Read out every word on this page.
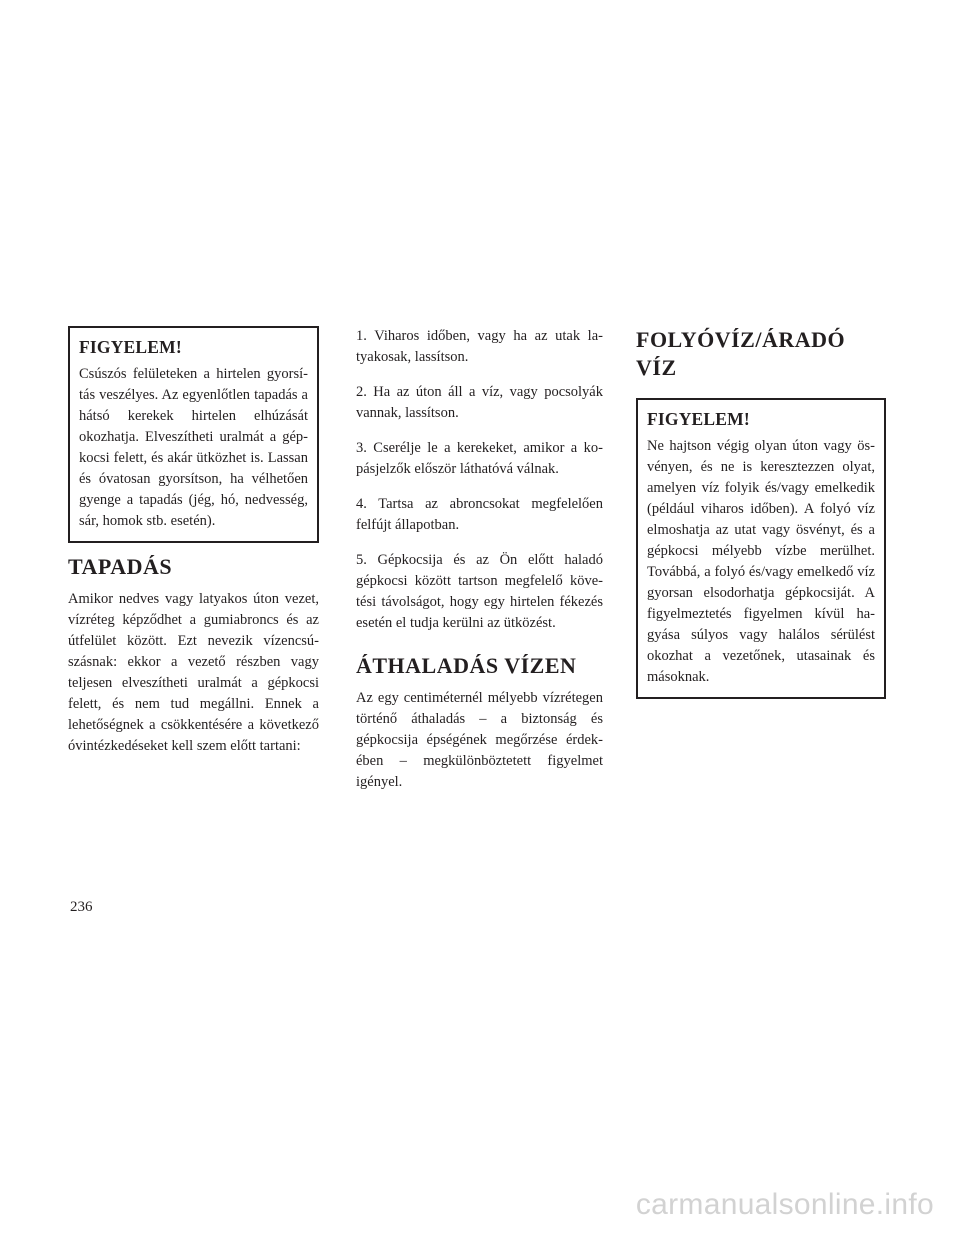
FIGYELEM!

Csúszós felületeken a hirtelen gyorsítás veszélyes. Az egyenlőtlen tapadás a hátsó kerekek hirtelen elhúzását okozhatja. Elveszítheti uralmát a gépkocsi felett, és akár ütközhet is. Lassan és óvatosan gyorsítson, ha vélhetően gyenge a tapadás (jég, hó, nedvesség, sár, homok stb. esetén).

TAPADÁS

Amikor nedves vagy latyakos úton vezet, vízréteg képződhet a gumiabroncs és az útfelület között. Ezt nevezik vízencsúszásnak: ekkor a vezető részben vagy teljesen elveszítheti uralmát a gépkocsi felett, és nem tud megállni. Ennek a lehetőségnek a csökkentésére a következő óvintézkedéseket kell szem előtt tartani:

1. Viharos időben, vagy ha az utak latyakosak, lassítson.

2. Ha az úton áll a víz, vagy pocsolyák vannak, lassítson.

3. Cserélje le a kerekeket, amikor a kopásjelzők először láthatóvá válnak.

4. Tartsa az abroncsokat megfelelően felfújt állapotban.

5. Gépkocsija és az Ön előtt haladó gépkocsi között tartson megfelelő követési távolságot, hogy egy hirtelen fékezés esetén el tudja kerülni az ütközést.

ÁTHALADÁS VÍZEN

Az egy centiméternél mélyebb vízrétegen történő áthaladás – a biztonság és gépkocsija épségének megőrzése érdekében – megkülönböztetett figyelmet igényel.

FOLYÓVÍZ/ÁRADÓ VÍZ

FIGYELEM!

Ne hajtson végig olyan úton vagy ösvényen, és ne is keresztezzen olyat, amelyen víz folyik és/vagy emelkedik (például viharos időben). A folyó víz elmoshatja az utat vagy ösvényt, és a gépkocsi mélyebb vízbe merülhet. Továbbá, a folyó és/vagy emelkedő víz gyorsan elsodorhatja gépkocsiját. A figyelmeztetés figyelmen kívül hagyása súlyos vagy halálos sérülést okozhat a vezetőnek, utasainak és másoknak.

236
carmanualsonline.info
